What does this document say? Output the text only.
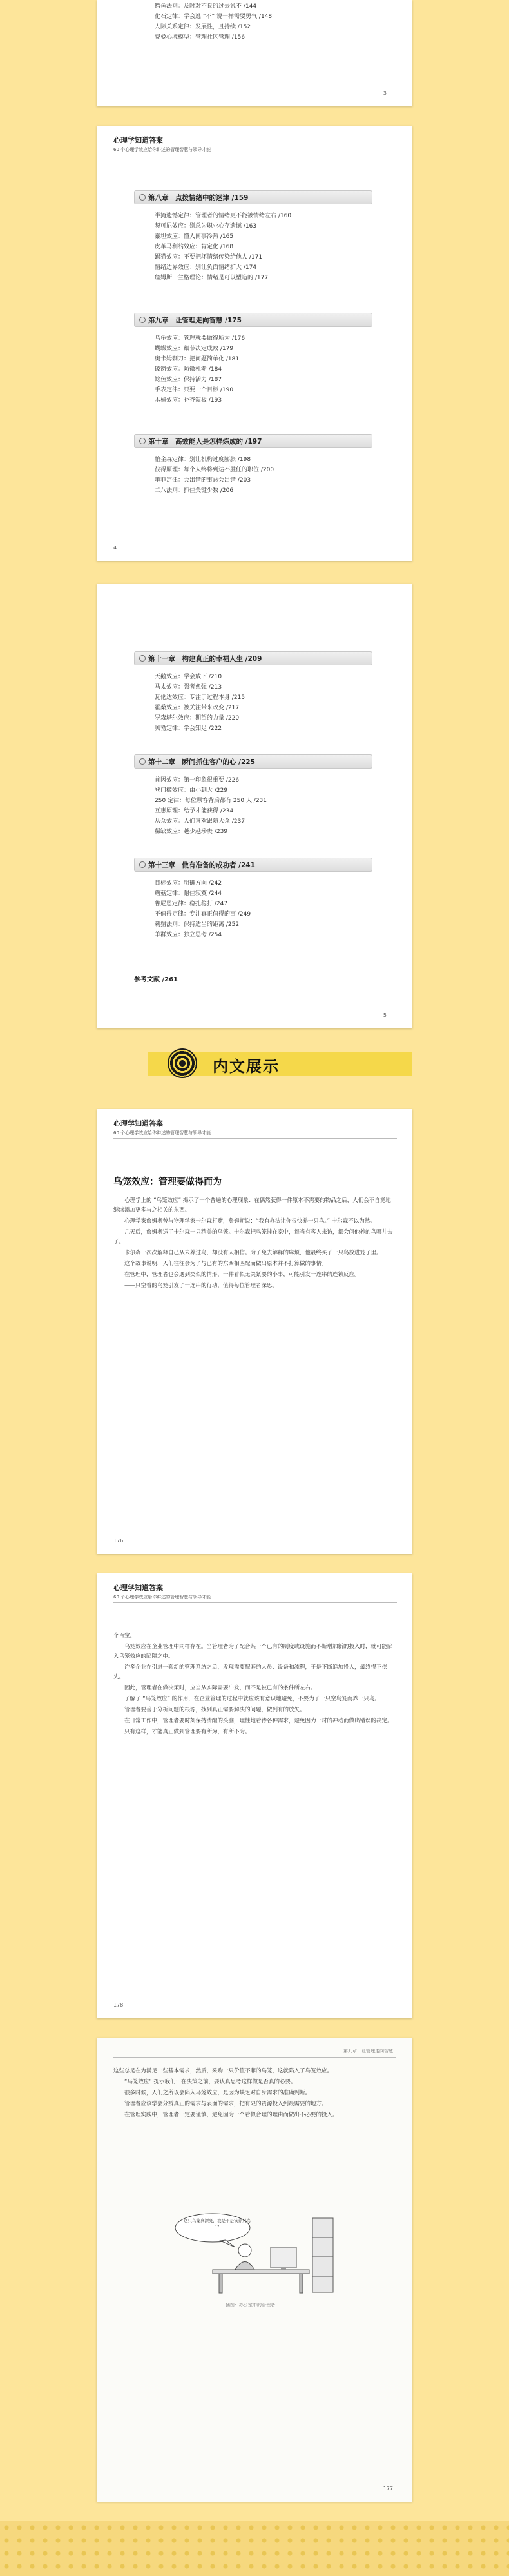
鳄鱼法则：及时对不良的过去说不 /144
化石定律：学会逃 “不” 说一样需要勇气 /148
人际关系定律：发展性，且持续 /152
费曼心境模型：管理社区管理 /156
3
心理学知道答案
60 个心理学效应给你讲述的管理智慧与领导才能
第八章　点拨情绪中的迷津 /159
半掩遗憾定律：管理者的情绪更不能被情绪左右 /160
契可尼效应：别总为职业心存遗憾 /163
泰坦效应：懂人间事冷热 /165
皮革马利翁效应：肯定化 /168
踢猫效应：不要把坏情绪传染给他人 /171
情绪边界效应：别让负面情绪扩大 /174
詹姆斯一兰格理论：情绪是可以塑造的 /177
第九章　让管理走向智慧 /175
乌龟效应：管理就要做得所为 /176
蝴蝶效应：细节决定成败 /179
奥卡姆剃刀：把问题简单化 /181
破窗效应：防微杜渐 /184
鲶鱼效应：保持活力 /187
手表定律：只要一个目标 /190
木桶效应：补齐短板 /193
第十章　高效能人是怎样炼成的 /197
帕金森定律：别让机构过度膨胀 /198
彼得原理：每个人终将到达不胜任的职位 /200
墨菲定律：会出错的事总会出错 /203
二八法则：抓住关键少数 /206
4
第十一章　构建真正的幸福人生 /209
天鹅效应：学会放下 /210
马太效应：强者愈强 /213
瓦伦达效应：专注于过程本身 /215
霍桑效应：被关注带来改变 /217
罗森塔尔效应：期望的力量 /220
贝勃定律：学会知足 /222
第十二章　瞬间抓住客户的心 /225
首因效应：第一印象很重要 /226
登门槛效应：由小到大 /229
250 定律：每位顾客背后都有 250 人 /231
互惠原理：给予才能获得 /234
从众效应：人们喜欢跟随大众 /237
稀缺效应：越少越珍贵 /239
第十三章　做有准备的成功者 /241
目标效应：明确方向 /242
蘑菇定律：耐住寂寞 /244
鲁尼恩定律：稳扎稳打 /247
不值得定律：专注真正值得的事 /249
刺猬法则：保持适当的距离 /252
羊群效应：独立思考 /254
参考文献 /261
5
内文展示
心理学知道答案
60 个心理学效应给你讲述的管理智慧与领导才能
乌笼效应：管理要做得而为

心理学上的 “乌笼效应” 揭示了一个普遍的心理现象：在偶然获得一件原本不需要的物品之后，人们会不自觉地继续添加更多与之相关的东西。

心理学家詹姆斯曾与物理学家卡尔森打赌，詹姆斯说：“我有办法让你很快养一只鸟。” 卡尔森不以为然。

几天后，詹姆斯送了卡尔森一只精美的鸟笼。卡尔森把鸟笼挂在家中，每当有客人来访，都会问他养的鸟哪儿去了。

卡尔森一次次解释自己从未养过鸟，却没有人相信。为了免去解释的麻烦，他最终买了一只鸟放进笼子里。

这个故事说明，人们往往会为了与已有的东西相匹配而做出原本并不打算做的事情。

在管理中，管理者也会遇到类似的情形，一件看似无关紧要的小事，可能引发一连串的连锁反应。

——只空着的鸟笼引发了一连串的行动，值得每位管理者深思。

176
心理学知道答案
60 个心理学效应给你讲述的管理智慧与领导才能

个百宝。

乌笼效应在企业管理中同样存在。当管理者为了配合某一个已有的制度或设施而不断增加新的投入时，就可能陷入乌笼效应的陷阱之中。

许多企业在引进一套新的管理系统之后，发现需要配套的人员、设备和流程，于是不断追加投入，最终得不偿失。

因此，管理者在做决策时，应当从实际需要出发，而不是被已有的条件所左右。

了解了 “乌笼效应” 的作用，在企业管理的过程中就应该有意识地避免，不要为了一只空鸟笼而养一只鸟。

管理者要善于分析问题的根源，找到真正需要解决的问题，做到有的放矢。

在日常工作中，管理者要时刻保持清醒的头脑，理性地看待各种需求，避免因为一时的冲动而做出错误的决定。

只有这样，才能真正做到管理要有所为，有所不为。

178
第九章　让管理走向智慧

这些总是在为满足一些基本需求，然后，采购一只价值不菲的鸟笼，这就陷入了乌笼效应。

“乌笼效应” 提示我们：在决策之前，要认真思考这样做是否真的必要。

很多时候，人们之所以会陷入乌笼效应，是因为缺乏对自身需求的准确判断。

管理者应该学会分辨真正的需求与表面的需求，把有限的资源投入到最需要的地方。

在管理实践中，管理者一定要谨慎，避免因为一个看似合理的理由而做出不必要的投入。

这只鸟笼真漂亮，我是不是该养只鸟了？
插图：办公室中的管理者
177
